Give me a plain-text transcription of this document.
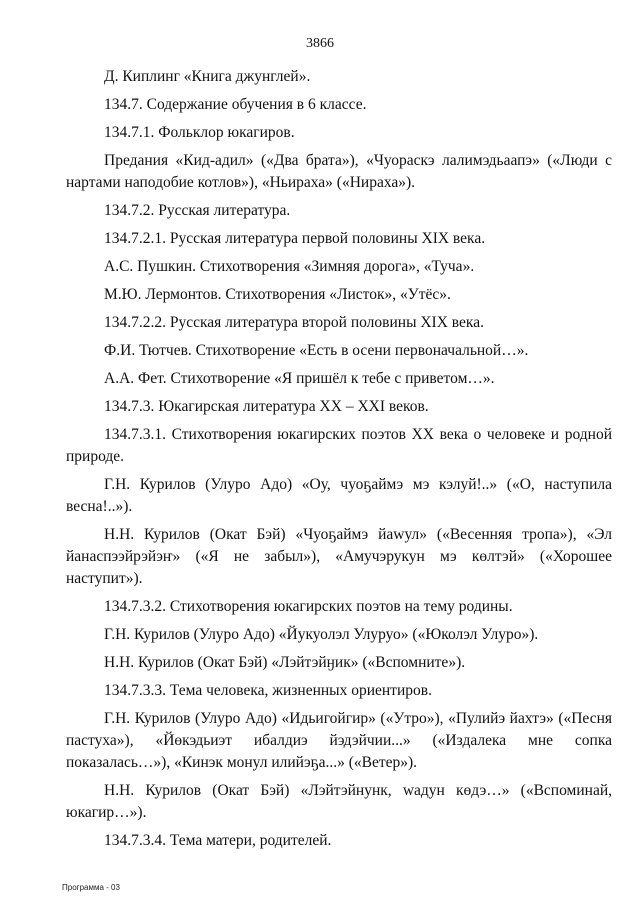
3866

Д. Киплинг «Книга джунглей».

134.7. Содержание обучения в 6 классе.

134.7.1. Фольклор юкагиров.

Предания «Кид-адил» («Два брата»), «Чуораскэ лалимэдьаапэ» («Люди с нартами наподобие котлов»), «Ньираха» («Нираха»).

134.7.2. Русская литература.

134.7.2.1. Русская литература первой половины XIX века.

А.С. Пушкин. Стихотворения «Зимняя дорога», «Туча».

М.Ю. Лермонтов. Стихотворения «Листок», «Утёс».

134.7.2.2. Русская литература второй половины XIX века.

Ф.И. Тютчев. Стихотворение «Есть в осени первоначальной…».

А.А. Фет. Стихотворение «Я пришёл к тебе с приветом…».

134.7.3. Юкагирская литература XX – XXI веков.

134.7.3.1. Стихотворения юкагирских поэтов XX века о человеке и родной природе.

Г.Н. Курилов (Улуро Адо) «Оу, чуоҕаймэ мэ кэлуй!..» («О, наступила весна!..»).

Н.Н. Курилов (Окат Бэй) «Чуоҕаймэ йаwул» («Весенняя тропа»), «Эл йанаспээйрэйэҥ» («Я не забыл»), «Амучэрукун мэ көлтэй» («Хорошее наступит»).

134.7.3.2. Стихотворения юкагирских поэтов на тему родины.

Г.Н. Курилов (Улуро Адо) «Йукуолэл Улуруо» («Юколэл Улуро»).

Н.Н. Курилов (Окат Бэй) «Лэйтэйӈик» («Вспомните»).

134.7.3.3. Тема человека, жизненных ориентиров.

Г.Н. Курилов (Улуро Адо) «Идьигойгир» («Утро»), «Пулийэ йахтэ» («Песня пастуха»), «Йөкэдьиэт ибалдиэ йэдэйчии...» («Издалека мне сопка показалась…»), «Кинэк монул илийэҕа...» («Ветер»).

Н.Н. Курилов (Окат Бэй) «Лэйтэйнунк, wадун көдэ…» («Вспоминай, юкагир…»).

134.7.3.4. Тема матери, родителей.

Программа - 03
